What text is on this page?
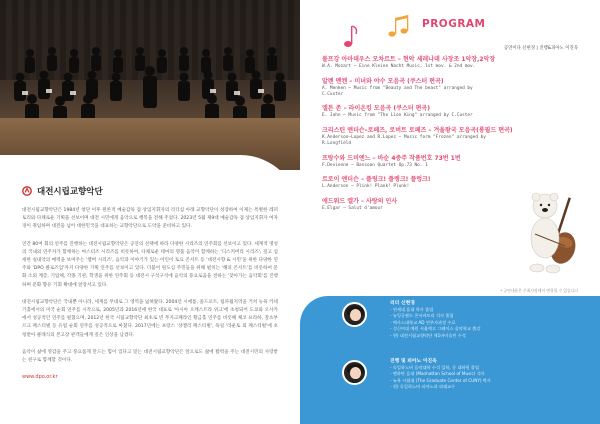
대전시립교향악단

대전시립교향악단은 1984년 창단 이후 원론적 예술감독 겸 상임지휘자의 리더십 아래 교향악단이 성장하여 이제는 특별한 레퍼토리와 다채로운 기획을 선보이며 대전 시민에게 음악으로 행복을 전해 주었다. 2023년 5월 제9대 예술감독 겸 상임지휘자 여자경이 취임하며 대전을 넘어 대한민국을 대표하는 교향악단으로 도약을 준비하고 있다.

연간 80여 회의 연주를 진행하는 대전시립교향악단은 공연의 선택에 따라 다양한 시리즈의 연주회를 선보이고 있다. 세계적 명성의 국내외 연주자가 함께하는 마스터즈 시리즈를 비롯하여, 다채로운 테마의 명품 음악이 함께하는 '디스커버리 시리즈', 깊고 섬세한 실내악의 매력을 보여주는 '챔버 시리즈', 음악과 이야기가 있는 어린이 토요 콘서트 등 '대전시향 & 시민'을 위한 다양한 연주와 'DPO 클로즈업'까지 다양한 기획 연주를 선보이고 있다. 더불어 원도심 주민들을 위해 펼치는 '해피 콘서트'를 비롯하여 문화 소외 계층, 기업체, 각종 기관, 학생을 위한 연주회 등 대전시 구석구석에 음악의 풍요로움을 전하는 '찾아가는 음악회'를 진행하며 문화 향유 기회 확대에 앞장서고 있다.

대전시립교향악단은 국내뿐 아니라, 세계를 무대로 그 영역을 넓혀왔다. 2004년 시애틀, 올드포트, 팀파월지역을 거쳐 뉴욕 카네기홀에서의 미국 순회 연주를 시작으로, 2005년과 2016년에 한국 대표로 '아시아 오케스트라 위크'에 초청되어 도쿄와 오사카에서 성공적인 연주를 펼쳤으며, 2012년 한국 시립교향악단 최초로 빈 무지크페라인 황금홀 연주를 비롯해 체코 프라하, 잘츠부르크 페스티벌 등 유럽 순회 연주를 성공적으로 마쳤다. 2017년에는 프랑스 '샹젤리 페스티벌', 독일 '라운토 외 페스티벌'에 초청받아 클래식의 본고장 관객들에게 깊은 인상을 남겼다.

음악이 삶에 영감을 주고 풍요롭게 만드는 힘이 있다고 믿는 대전시립교향악단은 앞으로도 삶에 활력을 주는 대전시민의 사랑받는 친구로 함께할 것이다.

www.dpo.or.kr
PROGRAM
공연이다 신현경 | 진행&피아노 이진욱
볼프강 아마데우스 모차르트 – 현악 세레나데 사장조 1악장,2악장
W.A. Mozart – Eine Kleine Nacht Music, 1st mov. & 2nd mov.
알렌 멘켄 – 미녀와 야수 모음곡 (쿠스터 편곡)
A. Menken – Music from "Beauty and The beast" arranged by
C.Custer
엘튼 존 – 라이온킹 모음곡 (쿠스터 편곡)
E. John – Music from "The Lion King" arranged by C.Custer
크리스틴 앤더슨–로페즈, 로버트 로페즈 – 겨울왕국 모음곡(롱필드 편곡)
K.Anderson–Lopez and R.Lopez – Music form "Frozen" arranged by
R.Longfield
프랑수와 드비엔느 – 바순 4중주 작품번호 73번 1번
F.Devienne – Bassoon Quartet Op.73 No. 1
르로이 앤더슨 – 플링크! 플랭크! 플렁크!
L.Anderson – Plink! Plank! Plunk!
에드워드 엘가 – 사랑의 인사
E.Elgar – Salut d'amour
* 공연내용은 주최사정에서 변경될 수 있습니다
리더 신현경
- 연세대 음대 학사 졸업
- 뉴잉글랜드 콘서바토리 석사 졸업
- 텍사스대학교 AD 연주자과정 수료
- 성신여대 예원 서울예고 그레이스 음악학교 출강
- 현) 대전시립교향악단 제1바이올린 수석
진행 및 피아노 이진욱
- 독일하노버 음악대학 수석 입학, 동 대학원 졸업
- 맨하탄 음대 (Manhattan School of Music) 석사
- 뉴욕 시립대 (The Graduate Center of CUNY) 박사
- 현) 독일하노버 피아노과 외래교수
